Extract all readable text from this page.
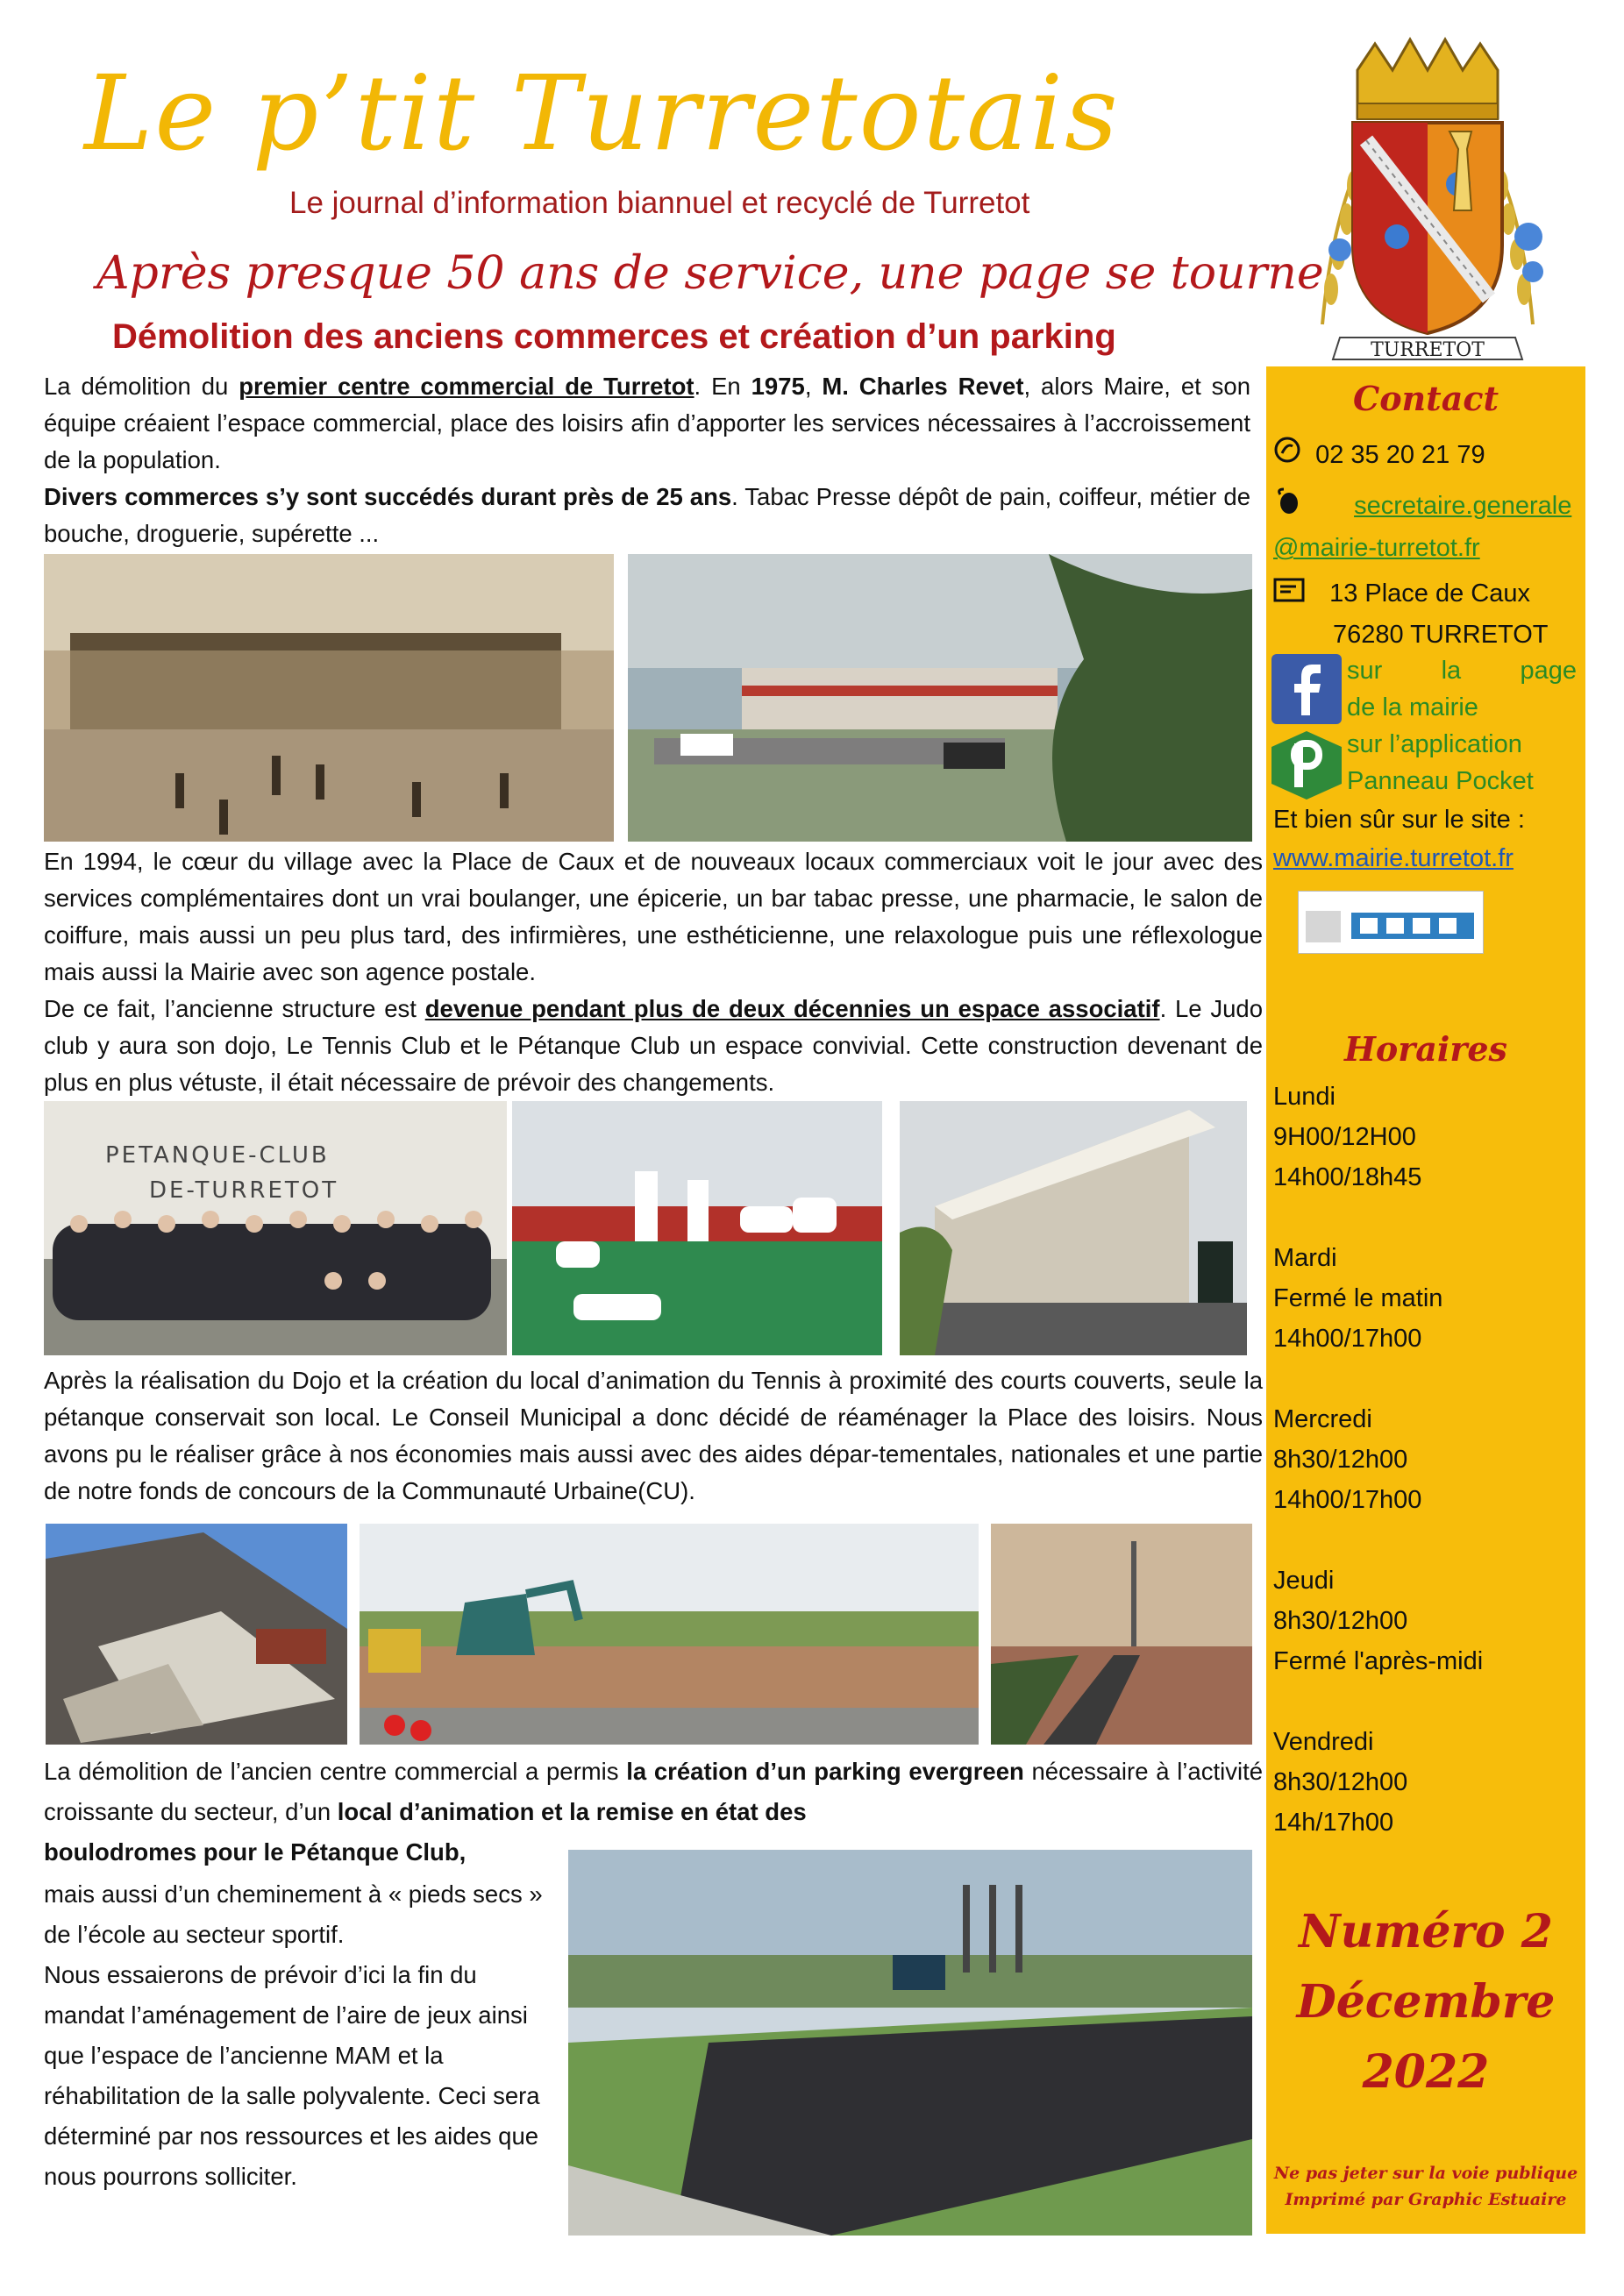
Le p’tit Turretotais
Le journal d’information biannuel et recyclé de Turretot
Après presque 50 ans de service, une page se tourne
Démolition des anciens commerces et création d’un parking	TURRETOT
La démolition du premier centre commercial de Turretot. En 1975, M. Charles Revet, alors Maire, et son équipe créaient l’espace commercial, place des loisirs afin d’apporter les services nécessaires à l’accroissement de la population.
Divers commerces s’y sont succédés durant près de 25 ans. Tabac Presse dépôt de pain, coiffeur, métier de bouche, droguerie, supérette ...
En 1994, le cœur du village avec la Place de Caux et de nouveaux locaux commerciaux voit le jour avec des services complémentaires dont un vrai boulanger, une épicerie, un bar tabac presse, une pharmacie, le salon de coiffure, mais aussi un peu plus tard, des infirmières, une esthéticienne, une relaxologue puis une réflexologue mais aussi la Mairie avec son agence postale.
De ce fait, l’ancienne structure est devenue pendant plus de deux décennies un espace associatif. Le Judo club y aura son dojo, Le Tennis Club et le Pétanque Club un espace convivial. Cette construction devenant de plus en plus vétuste, il était nécessaire de prévoir des changements.
PETANQUE-CLUB
DE-TURRETOT
Après la réalisation du Dojo et la création du local d’animation du Tennis à proximité des courts couverts, seule la pétanque conservait son local. Le Conseil Municipal a donc décidé de réaménager la Place des loisirs. Nous avons pu le réaliser grâce à nos économies mais aussi avec des aides dépar-tementales, nationales et une partie de notre fonds de concours de la Communauté Urbaine(CU).
La démolition de l’ancien centre commercial a permis la création d’un parking evergreen nécessaire à l’activité croissante du secteur, d’un local d’animation et la remise en état des
boulodromes pour le Pétanque Club,
mais aussi d’un cheminement à « pieds secs » de l’école au secteur sportif.
Nous essaierons de prévoir d’ici la fin du mandat l’aménagement de l’aire de jeux ainsi que l’espace de l’ancienne MAM et la réhabilitation de la salle polyvalente. Ceci sera déterminé par nos ressources et les aides que nous pourrons solliciter.
Contact
02 35 20 21 79
secretaire.generale
@mairie-turretot.fr
13 Place de Caux
76280 TURRETOT
sur la page
de la mairie
sur l’application
Panneau Pocket
Et bien sûr sur le site :
www.mairie.turretot.fr
Horaires
Lundi
9H00/12H00
14h00/18h45
Mardi
Fermé le matin
14h00/17h00
Mercredi
8h30/12h00
14h00/17h00
Jeudi
8h30/12h00
Fermé l'après-midi
Vendredi
8h30/12h00
14h/17h00
Numéro 2
Décembre
2022
Ne pas jeter sur la voie publique
Imprimé par Graphic Estuaire
